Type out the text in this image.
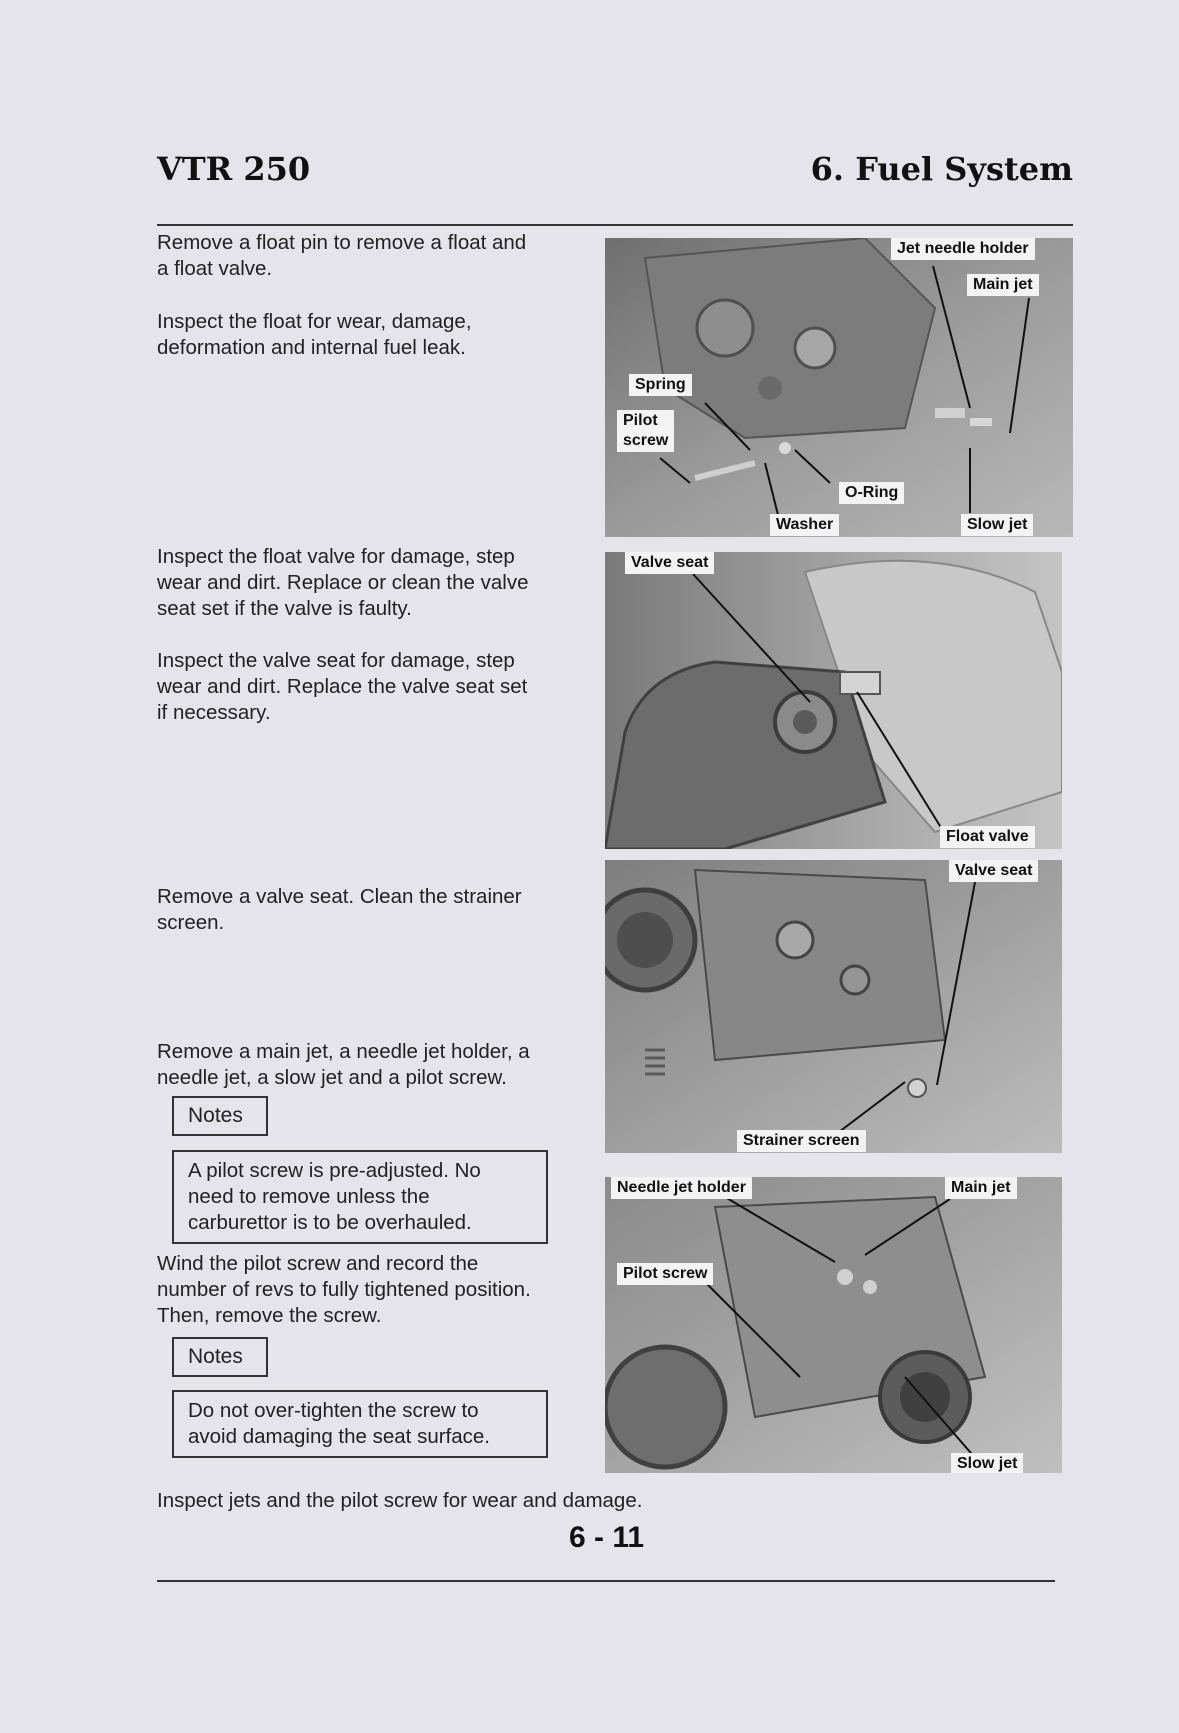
VTR 250	6. Fuel System
Remove a float pin to remove a float and
a float valve.
Inspect the float for wear, damage,
deformation and internal fuel leak.
Inspect the float valve for damage, step
wear and dirt. Replace or clean the valve
seat set if the valve is faulty.
Inspect the valve seat for damage, step
wear and dirt. Replace the valve seat set
if necessary.
Remove a valve seat. Clean the strainer
screen.
Remove a main jet, a needle jet holder, a
needle jet, a slow jet and a pilot screw.
Notes
A pilot screw is pre-adjusted. No
need to remove unless the
carburettor is to be overhauled.
Wind the pilot screw and record the
number of revs to fully tightened position.
Then, remove the screw.
Notes
Do not over-tighten the screw to
avoid damaging the seat surface.
Inspect jets and the pilot screw for wear and damage.
Jet needle holder
Main jet
Spring
Pilot
screw
O-Ring
Washer	Slow jet
Valve seat
Float valve
Valve seat
Strainer screen
Needle jet holder	Main jet
Pilot screw
Slow jet
6 - 11
